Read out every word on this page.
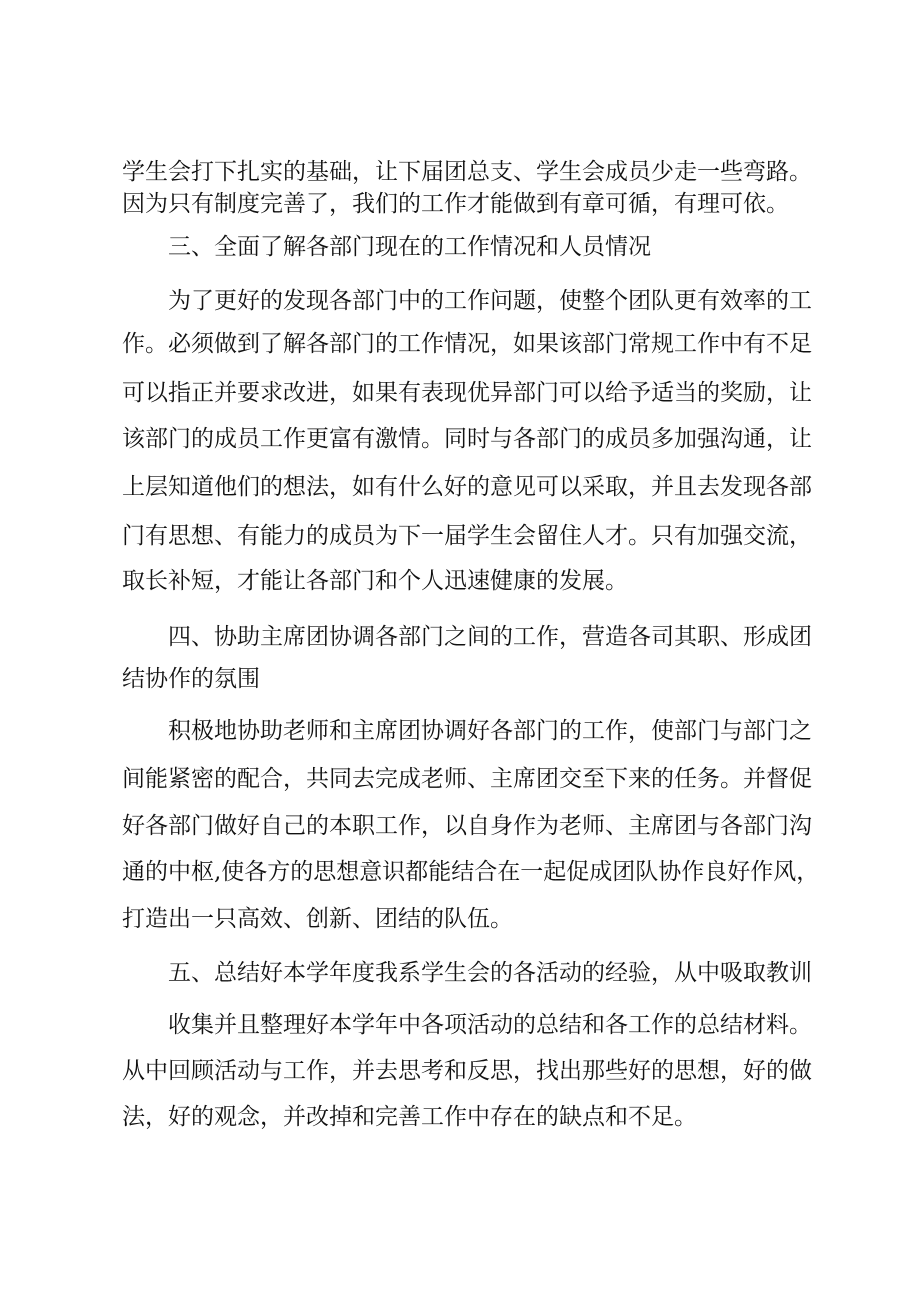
学生会打下扎实的基础，让下届团总支、学生会成员少走一些弯路。

因为只有制度完善了，我们的工作才能做到有章可循，有理可依。

三、全面了解各部门现在的工作情况和人员情况

为了更好的发现各部门中的工作问题，使整个团队更有效率的工

作。必须做到了解各部门的工作情况，如果该部门常规工作中有不足

可以指正并要求改进，如果有表现优异部门可以给予适当的奖励，让

该部门的成员工作更富有激情。同时与各部门的成员多加强沟通，让

上层知道他们的想法，如有什么好的意见可以采取，并且去发现各部

门有思想、有能力的成员为下一届学生会留住人才。只有加强交流，

取长补短，才能让各部门和个人迅速健康的发展。

四、协助主席团协调各部门之间的工作，营造各司其职、形成团

结协作的氛围

积极地协助老师和主席团协调好各部门的工作，使部门与部门之

间能紧密的配合，共同去完成老师、主席团交至下来的任务。并督促

好各部门做好自己的本职工作，以自身作为老师、主席团与各部门沟

通的中枢,使各方的思想意识都能结合在一起促成团队协作良好作风，

打造出一只高效、创新、团结的队伍。

五、总结好本学年度我系学生会的各活动的经验，从中吸取教训

收集并且整理好本学年中各项活动的总结和各工作的总结材料。

从中回顾活动与工作，并去思考和反思，找出那些好的思想，好的做

法，好的观念，并改掉和完善工作中存在的缺点和不足。
